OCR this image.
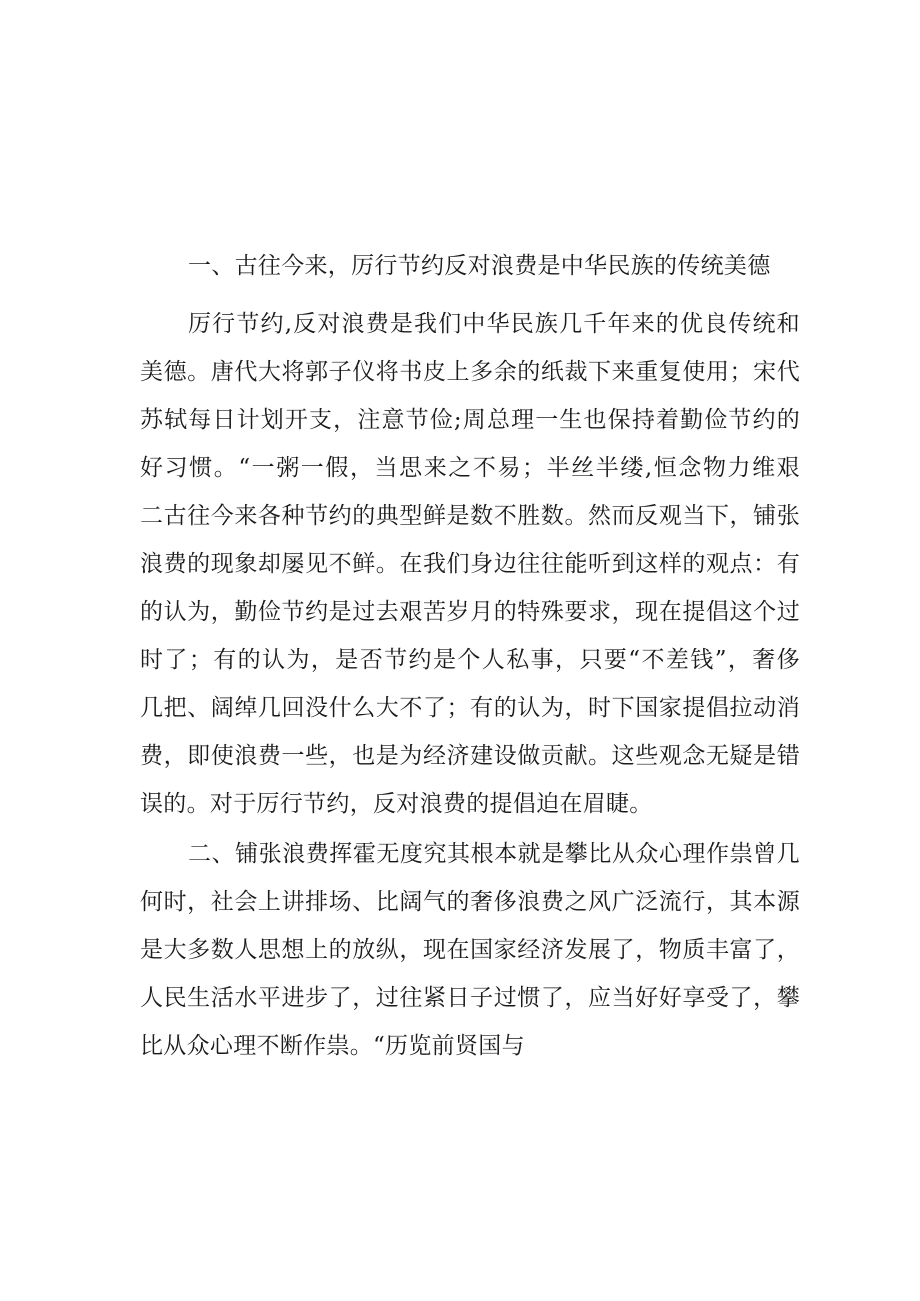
一、古往今来，厉行节约反对浪费是中华民族的传统美德
厉行节约,反对浪费是我们中华民族几千年来的优良传统和
美德。唐代大将郭子仪将书皮上多余的纸裁下来重复使用；宋代
苏轼每日计划开支，注意节俭;周总理一生也保持着勤俭节约的
好习惯。“一粥一假，当思来之不易；半丝半缕,恒念物力维艰
二古往今来各种节约的典型鲜是数不胜数。然而反观当下，铺张
浪费的现象却屡见不鲜。在我们身边往往能听到这样的观点：有
的认为，勤俭节约是过去艰苦岁月的特殊要求，现在提倡这个过
时了；有的认为，是否节约是个人私事，只要“不差钱”，奢侈
几把、阔绰几回没什么大不了；有的认为，时下国家提倡拉动消
费，即使浪费一些，也是为经济建设做贡献。这些观念无疑是错
误的。对于厉行节约，反对浪费的提倡迫在眉睫。
二、铺张浪费挥霍无度究其根本就是攀比从众心理作祟曾几
何时，社会上讲排场、比阔气的奢侈浪费之风广泛流行，其本源
是大多数人思想上的放纵，现在国家经济发展了，物质丰富了，
人民生活水平进步了，过往紧日子过惯了，应当好好享受了，攀
比从众心理不断作祟。“历览前贤国与
